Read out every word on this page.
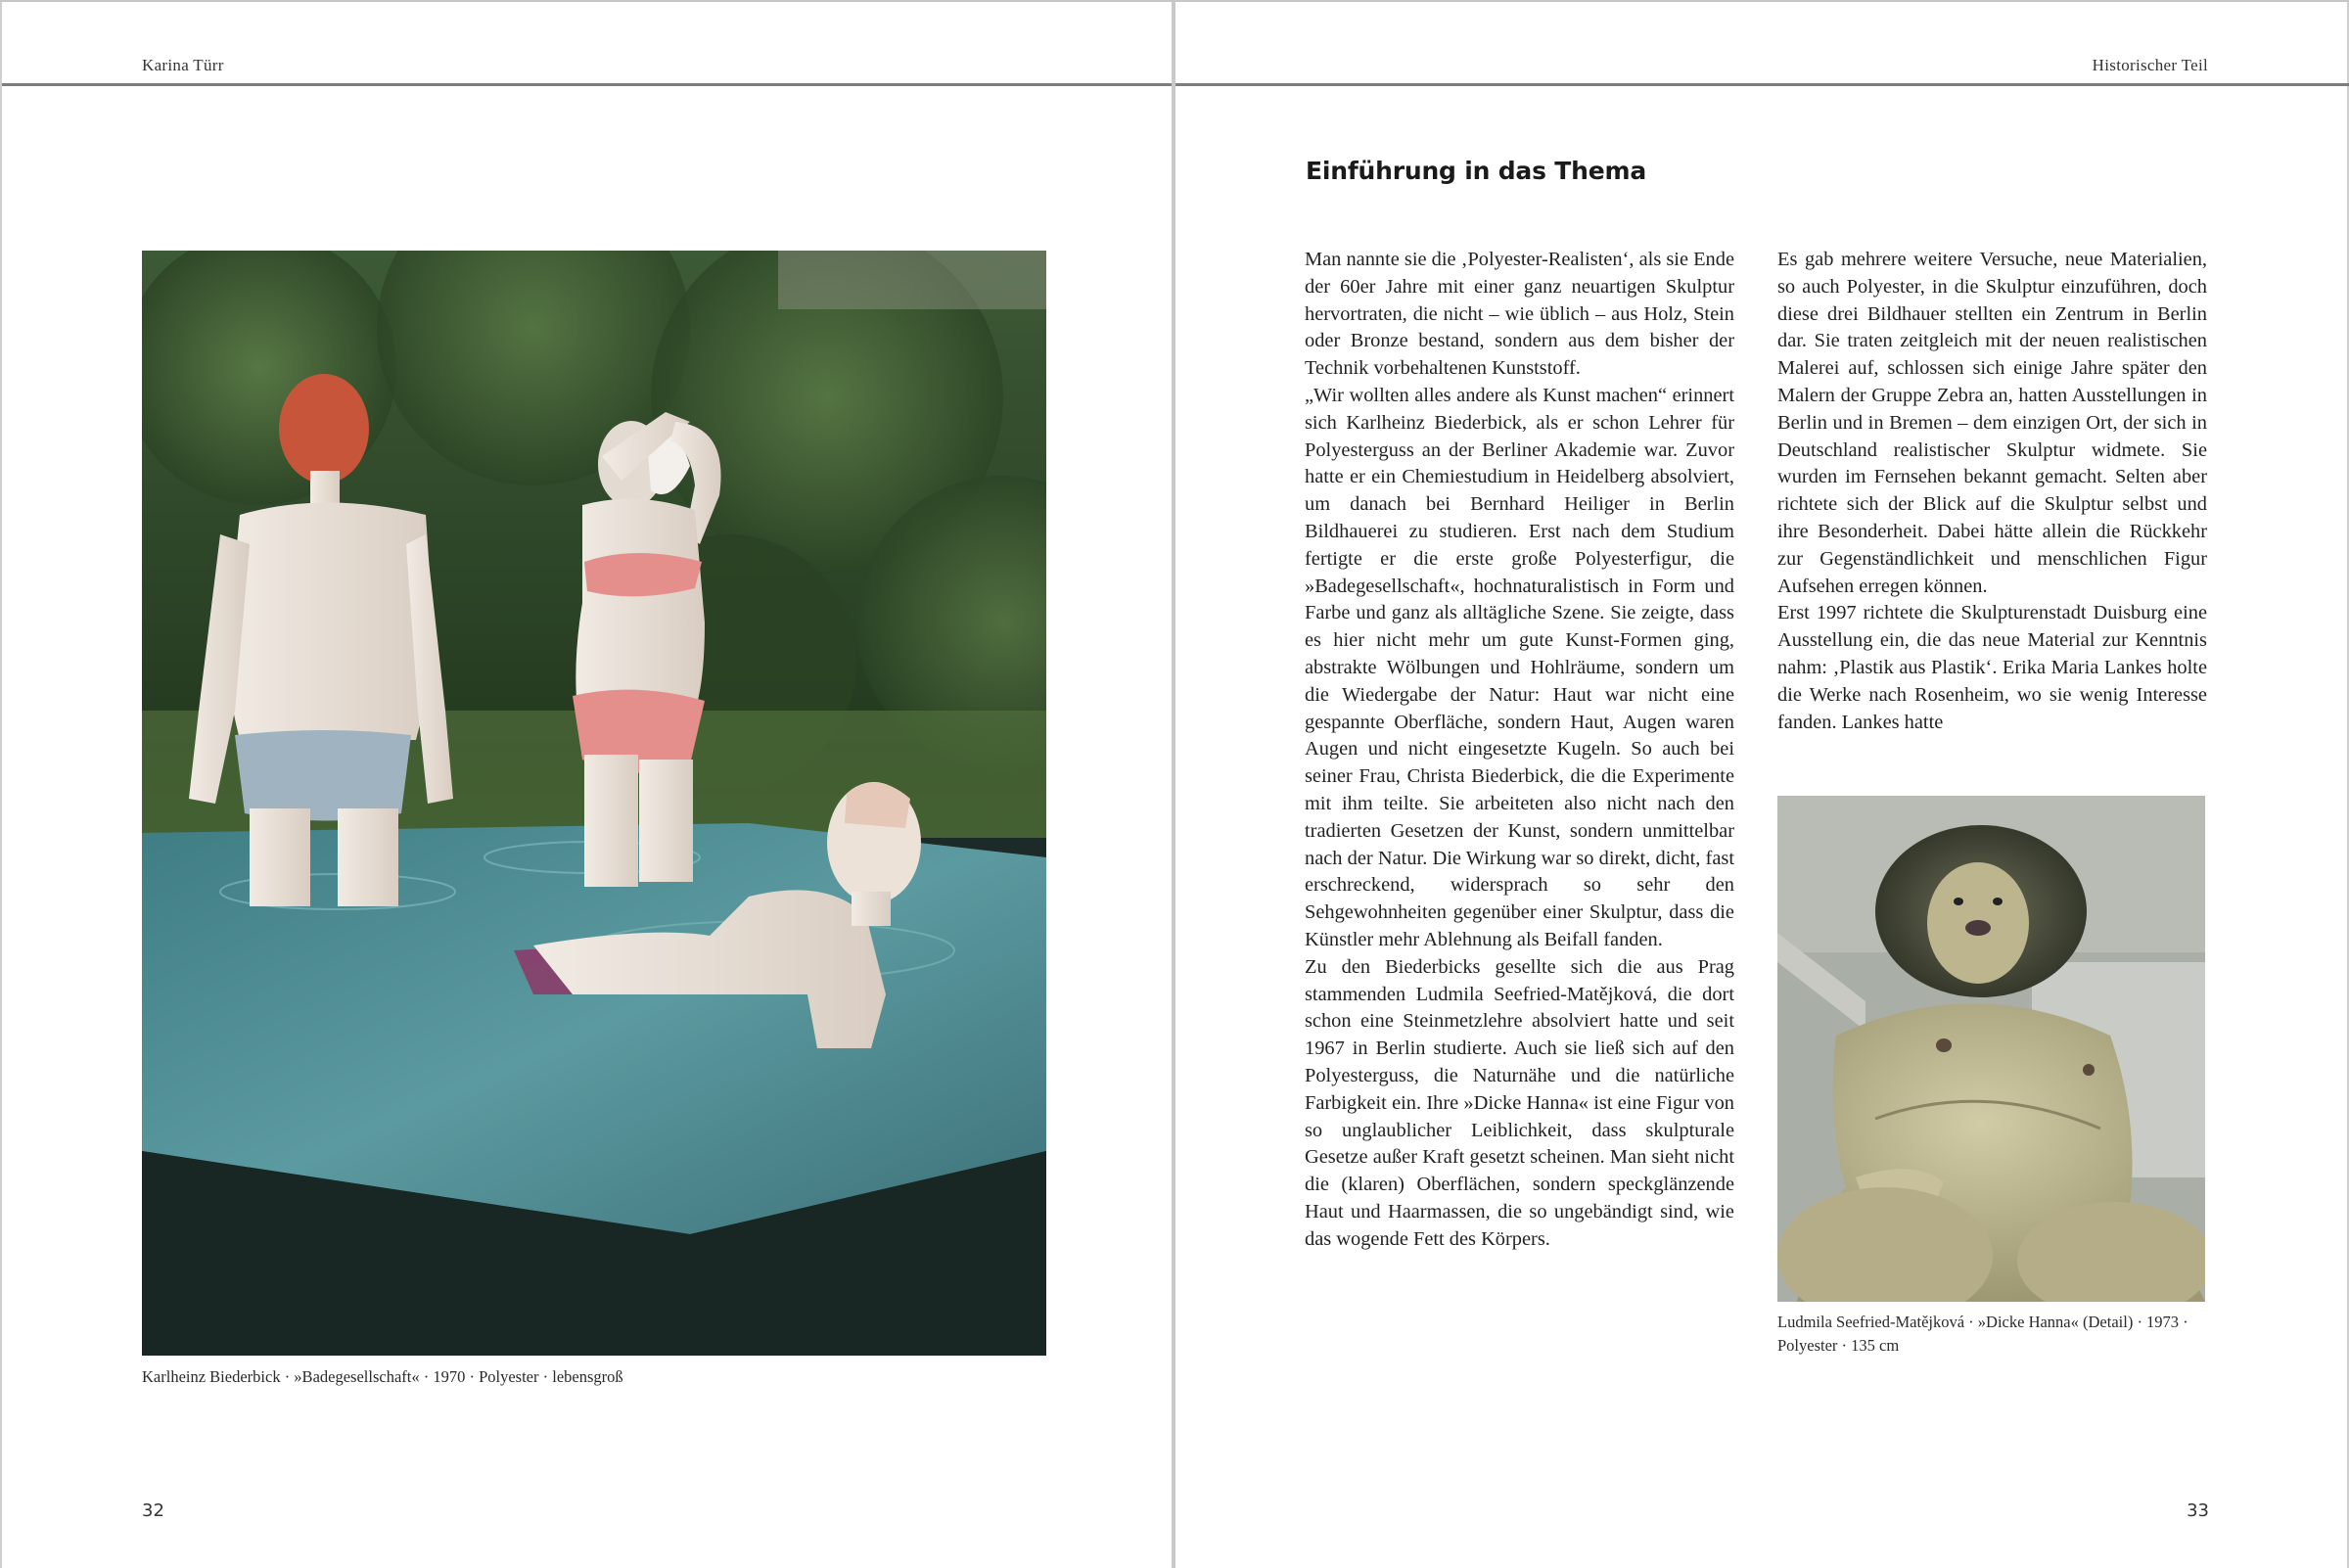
Karina Türr
Karlheinz Biederbick · »Badegesellschaft« · 1970 · Polyester · lebensgroß
32
Historischer Teil
33
Einführung in das Thema

Man nannte sie die ‚Polyester-Realisten‘, als sie Ende der 60er Jahre mit einer ganz neuartigen Skulptur hervortraten, die nicht – wie üblich – aus Holz, Stein oder Bronze bestand, sondern aus dem bisher der Technik vorbehaltenen Kunststoff.

„Wir wollten alles andere als Kunst machen“ erinnert sich Karlheinz Biederbick, als er schon Lehrer für Polyesterguss an der Berliner Akademie war. Zuvor hatte er ein Chemiestudium in Heidelberg absolviert, um danach bei Bernhard Heiliger in Berlin Bildhauerei zu studieren. Erst nach dem Studium fertigte er die erste große Polyesterfigur, die »Badegesellschaft«, hochnaturalistisch in Form und Farbe und ganz als alltägliche Szene. Sie zeigte, dass es hier nicht mehr um gute Kunst-Formen ging, abstrakte Wölbungen und Hohlräume, sondern um die Wiedergabe der Natur: Haut war nicht eine gespannte Oberfläche, sondern Haut, Augen waren Augen und nicht eingesetzte Kugeln. So auch bei seiner Frau, Christa Biederbick, die die Experimente mit ihm teilte. Sie arbeiteten also nicht nach den tradierten Gesetzen der Kunst, sondern unmittelbar nach der Natur. Die Wirkung war so direkt, dicht, fast erschreckend, widersprach so sehr den Sehgewohnheiten gegenüber einer Skulptur, dass die Künstler mehr Ablehnung als Beifall fanden.

Zu den Biederbicks gesellte sich die aus Prag stammenden Ludmila Seefried-Matějková, die dort schon eine Steinmetzlehre absolviert hatte und seit 1967 in Berlin studierte. Auch sie ließ sich auf den Polyesterguss, die Naturnähe und die natürliche Farbigkeit ein. Ihre »Dicke Hanna« ist eine Figur von so unglaublicher Leiblichkeit, dass skulpturale Gesetze außer Kraft gesetzt scheinen. Man sieht nicht die (klaren) Oberflächen, sondern speckglänzende Haut und Haarmassen, die so ungebändigt sind, wie das wogende Fett des Körpers.

Es gab mehrere weitere Versuche, neue Materialien, so auch Polyester, in die Skulptur einzuführen, doch diese drei Bildhauer stellten ein Zentrum in Berlin dar. Sie traten zeitgleich mit der neuen realistischen Malerei auf, schlossen sich einige Jahre später den Malern der Gruppe Zebra an, hatten Ausstellungen in Berlin und in Bremen – dem einzigen Ort, der sich in Deutschland realistischer Skulptur widmete. Sie wurden im Fernsehen bekannt gemacht. Selten aber richtete sich der Blick auf die Skulptur selbst und ihre Besonderheit. Dabei hätte allein die Rückkehr zur Gegenständlichkeit und menschlichen Figur Aufsehen erregen können.

Erst 1997 richtete die Skulpturenstadt Duisburg eine Ausstellung ein, die das neue Material zur Kenntnis nahm: ‚Plastik aus Plastik‘. Erika Maria Lankes holte die Werke nach Rosenheim, wo sie wenig Interesse fanden. Lankes hatte

Ludmila Seefried-Matějková · »Dicke Hanna« (Detail) · 1973 · Polyester · 135 cm
